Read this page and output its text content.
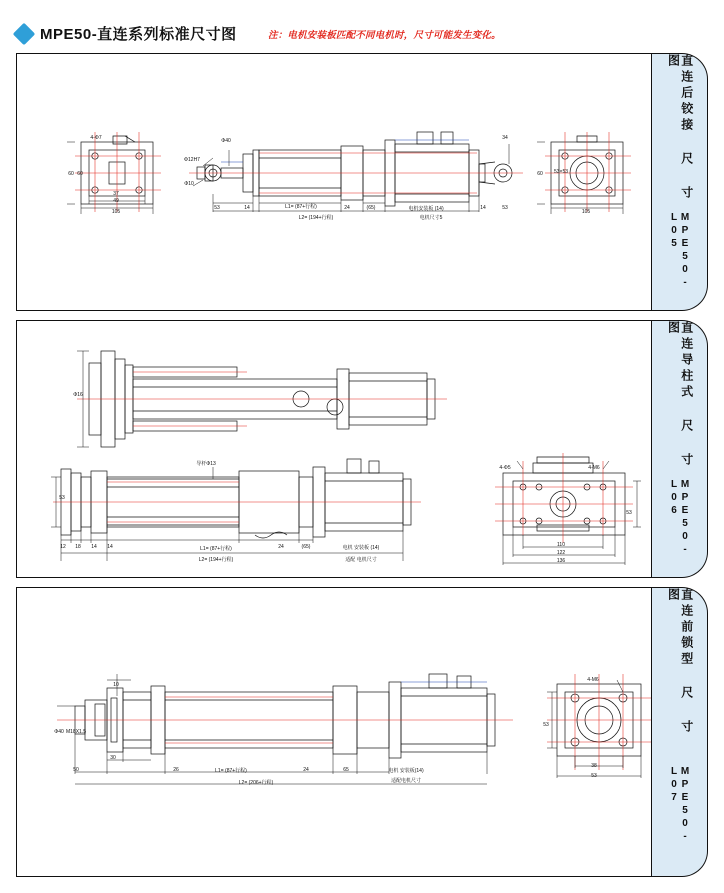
MPE50-直连系列标准尺寸图	注：电机安装板匹配不同电机时，尺寸可能发生变化。
直连后铰接 尺 寸 图
MPE50-L05
直连导柱式 尺 寸 图
MPE50-L06
直连前锁型 尺 寸 图
MPE50-L07
4-Φ7
60 60
37
49
105
Φ12H7
Φ10
Φ40
53	14	L1= (87+行程)	24	(65)
L2= (194+行程)
电机安装板 (14)
电机尺寸5
34
14	53
53×53
60
105
Φ16
导杆Φ13
53
12 18 14 14	L1= (87+行程)	24	(65)
L2= (194+行程)
电机 安装板 (14)
适配 电机尺寸
4-Φ5	4-M6
53
110
122
136
10
Φ40 M18X1.5
30
50	26	L1= (87+行程)	24	65	电机 安装板(14)
适配电机尺寸
L2= (206+行程)
4-M6
53
38
53
